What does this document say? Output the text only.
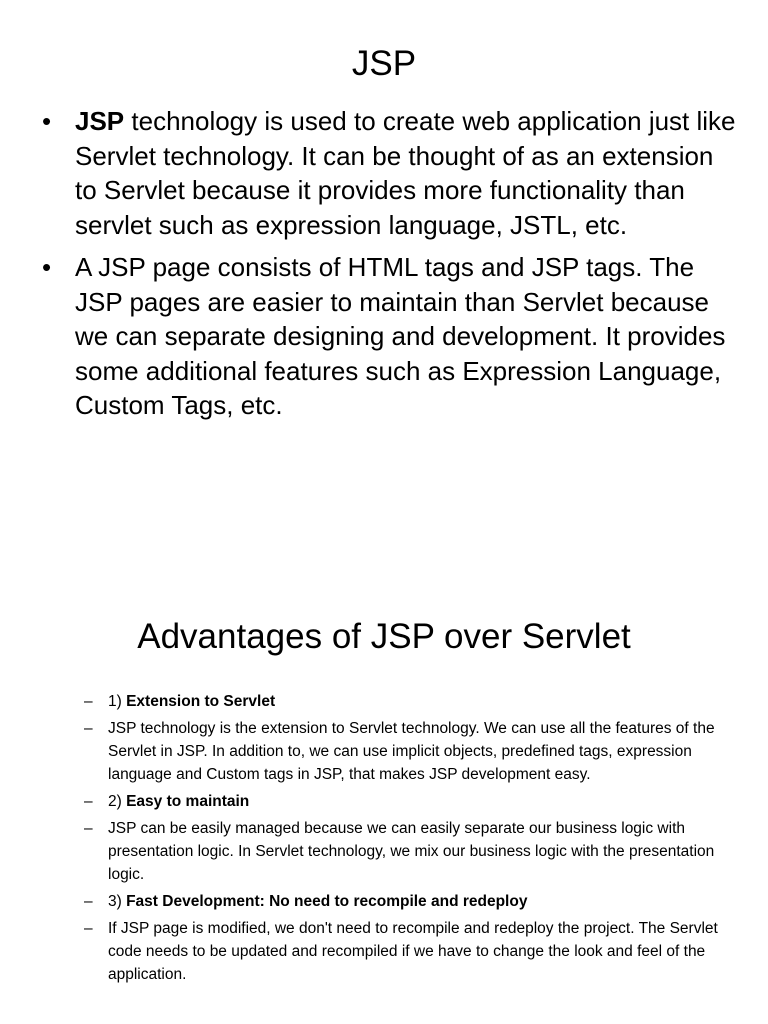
JSP
• JSP technology is used to create web application just like Servlet technology. It can be thought of as an extension to Servlet because it provides more functionality than servlet such as expression language, JSTL, etc.
• A JSP page consists of HTML tags and JSP tags. The JSP pages are easier to maintain than Servlet because we can separate designing and development. It provides some additional features such as Expression Language, Custom Tags, etc.
Advantages of JSP over Servlet
– 1) Extension to Servlet
– JSP technology is the extension to Servlet technology. We can use all the features of the Servlet in JSP. In addition to, we can use implicit objects, predefined tags, expression language and Custom tags in JSP, that makes JSP development easy.
– 2) Easy to maintain
– JSP can be easily managed because we can easily separate our business logic with presentation logic. In Servlet technology, we mix our business logic with the presentation logic.
– 3) Fast Development: No need to recompile and redeploy
– If JSP page is modified, we don't need to recompile and redeploy the project. The Servlet code needs to be updated and recompiled if we have to change the look and feel of the application.
